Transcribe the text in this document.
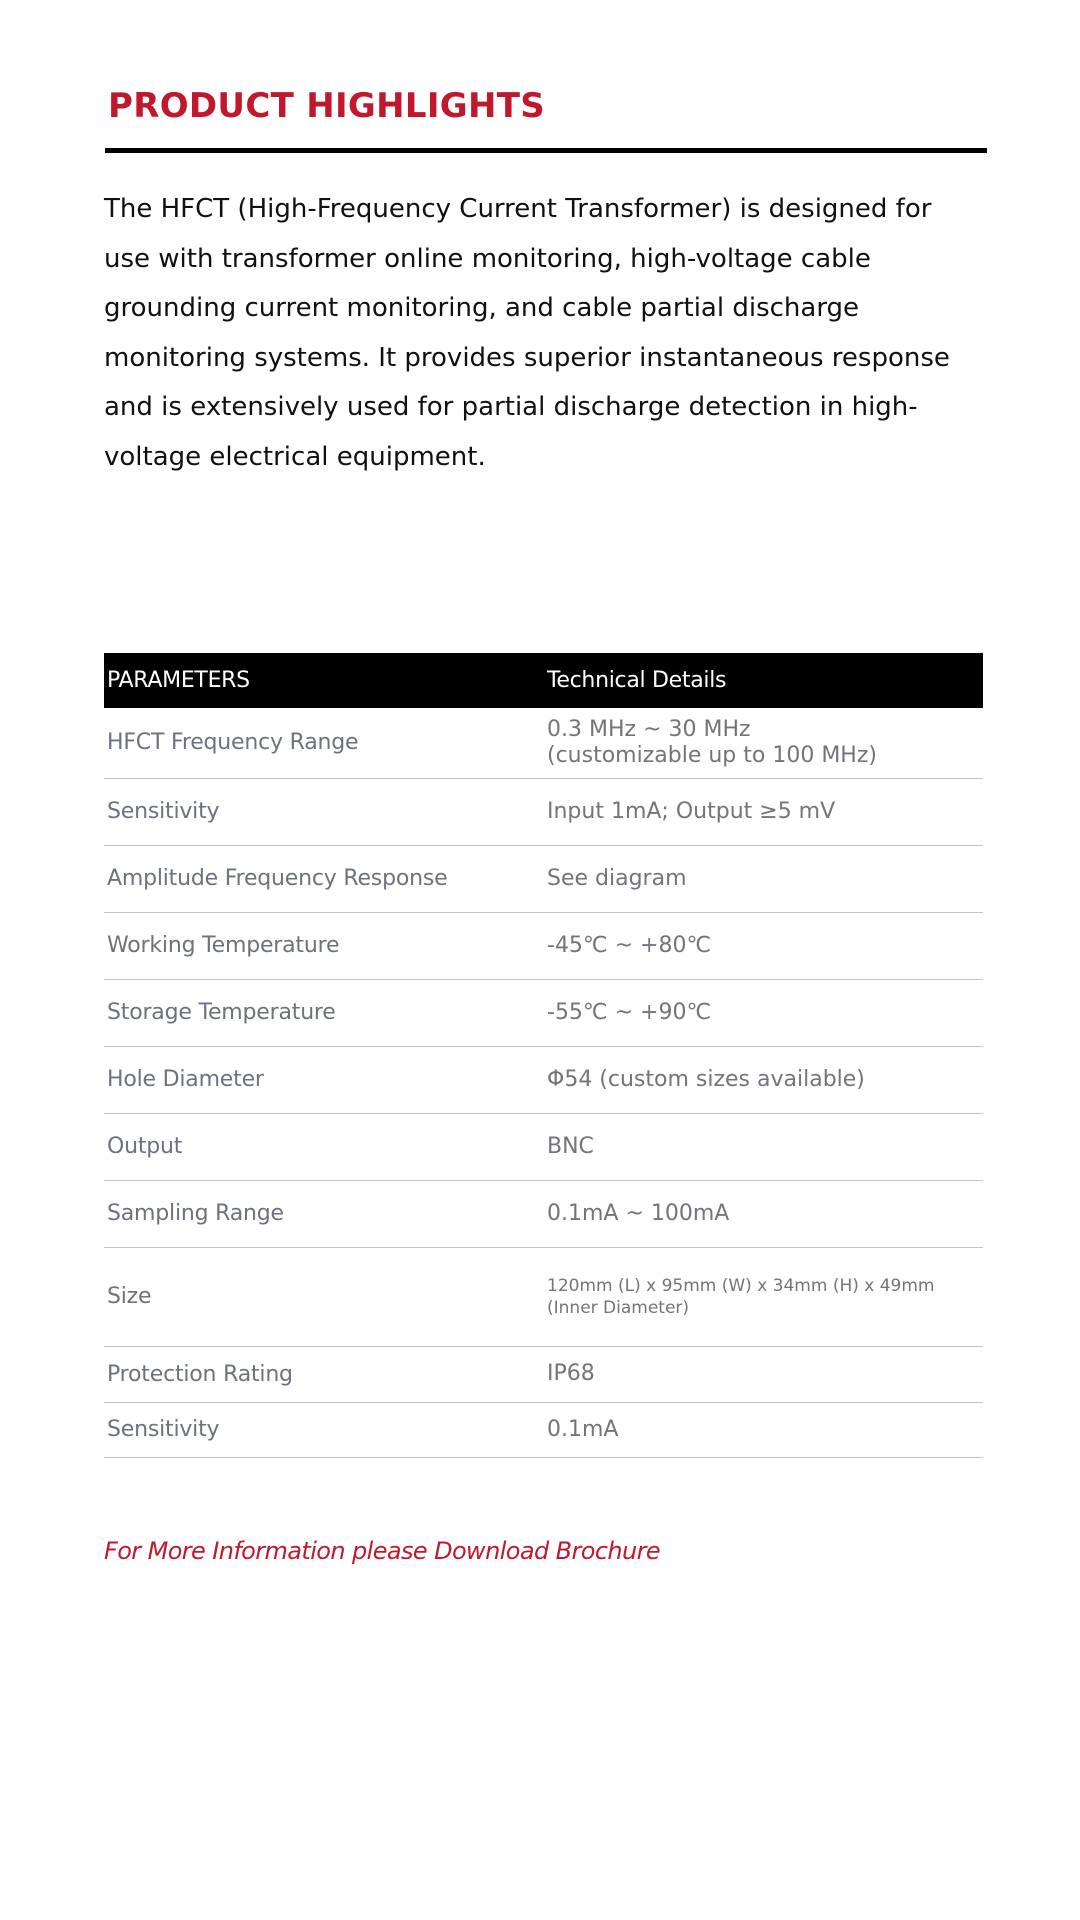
PRODUCT HIGHLIGHTS

The HFCT (High-Frequency Current Transformer) is designed for use with transformer online monitoring, high-voltage cable grounding current monitoring, and cable partial discharge monitoring systems. It provides superior instantaneous response and is extensively used for partial discharge detection in high-voltage electrical equipment.

PARAMETERS	Technical Details
HFCT Frequency Range	0.3 MHz ~ 30 MHz
(customizable up to 100 MHz)
Sensitivity	Input 1mA; Output ≥5 mV
Amplitude Frequency Response	See diagram
Working Temperature	-45℃ ~ +80℃
Storage Temperature	-55℃ ~ +90℃
Hole Diameter	Φ54 (custom sizes available)
Output	BNC
Sampling Range	0.1mA ~ 100mA
Size	120mm (L) x 95mm (W) x 34mm (H) x 49mm
(Inner Diameter)
Protection Rating	IP68
Sensitivity	0.1mA
For More Information please Download Brochure
